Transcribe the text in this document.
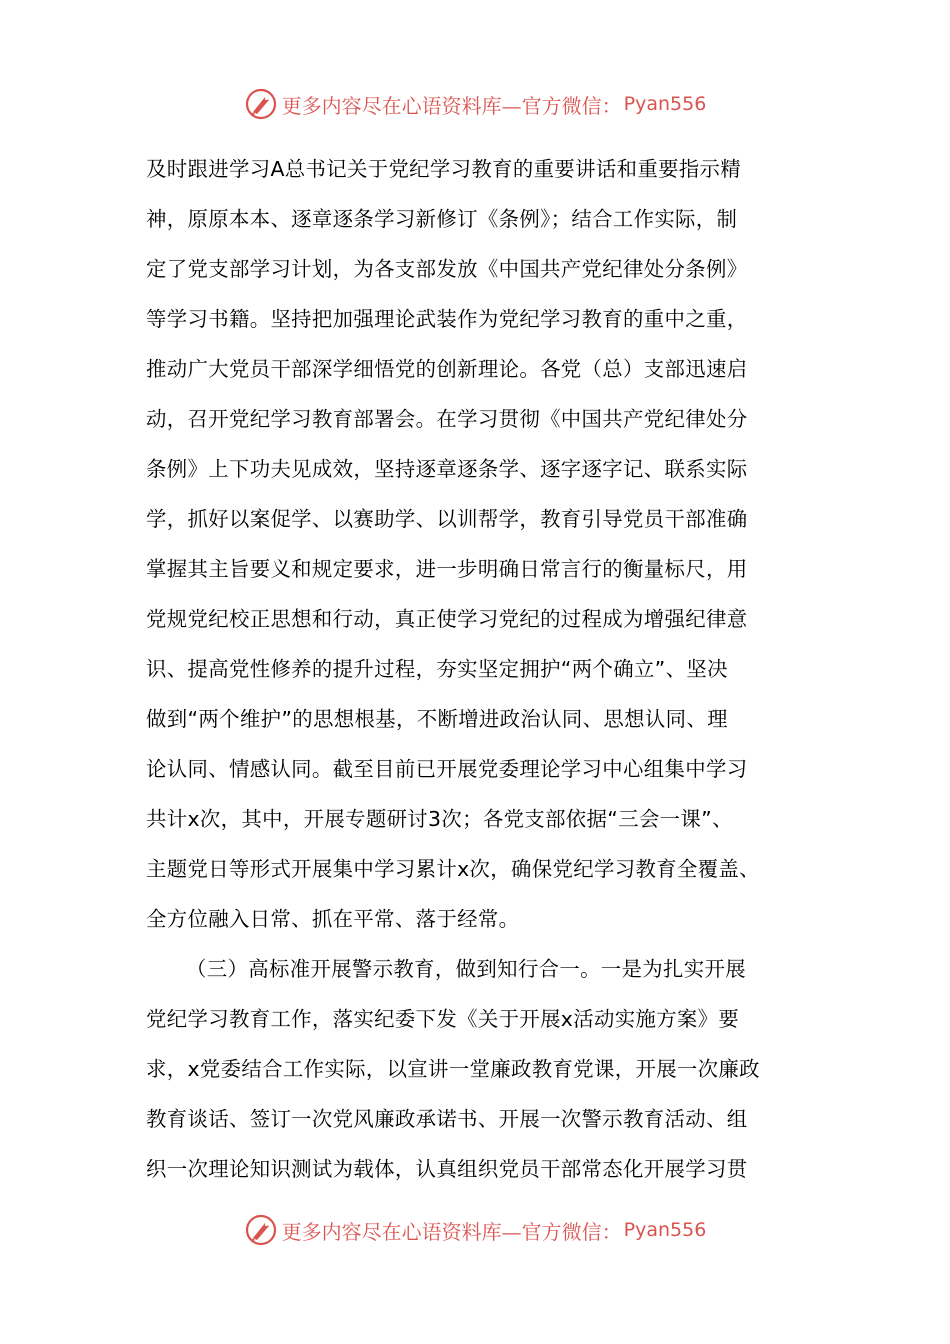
更多内容尽在心语资料库—官方微信： Pyan556
及时跟进学习A总书记关于党纪学习教育的重要讲话和重要指示精
神，原原本本、逐章逐条学习新修订《条例》；结合工作实际，制
定了党支部学习计划，为各支部发放《中国共产党纪律处分条例》
等学习书籍。坚持把加强理论武装作为党纪学习教育的重中之重，
推动广大党员干部深学细悟党的创新理论。各党（总）支部迅速启
动，召开党纪学习教育部署会。在学习贯彻《中国共产党纪律处分
条例》上下功夫见成效，坚持逐章逐条学、逐字逐字记、联系实际
学，抓好以案促学、以赛助学、以训帮学，教育引导党员干部准确
掌握其主旨要义和规定要求，进一步明确日常言行的衡量标尺，用
党规党纪校正思想和行动，真正使学习党纪的过程成为增强纪律意
识、提高党性修养的提升过程，夯实坚定拥护“两个确立”、坚决
做到“两个维护”的思想根基，不断增进政治认同、思想认同、理
论认同、情感认同。截至目前已开展党委理论学习中心组集中学习
共计x次，其中，开展专题研讨3次；各党支部依据“三会一课”、
主题党日等形式开展集中学习累计x次，确保党纪学习教育全覆盖、
全方位融入日常、抓在平常、落于经常。
（三）高标准开展警示教育，做到知行合一。一是为扎实开展
党纪学习教育工作，落实纪委下发《关于开展x活动实施方案》要
求，x党委结合工作实际，以宣讲一堂廉政教育党课，开展一次廉政
教育谈话、签订一次党风廉政承诺书、开展一次警示教育活动、组
织一次理论知识测试为载体，认真组织党员干部常态化开展学习贯
更多内容尽在心语资料库—官方微信： Pyan556
